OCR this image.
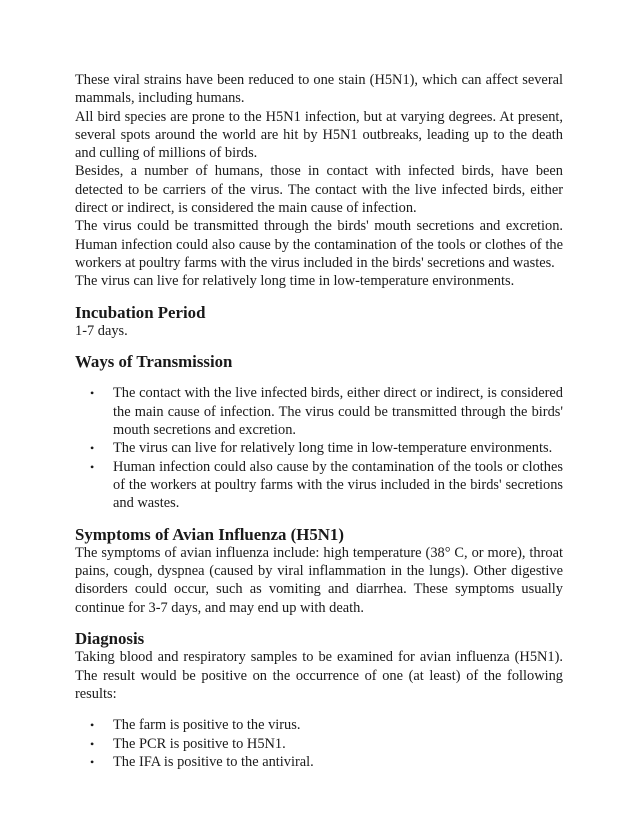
These viral strains have been reduced to one stain (H5N1), which can affect several mammals, including humans.

All bird species are prone to the H5N1 infection, but at varying degrees. At present, several spots around the world are hit by H5N1 outbreaks, leading up to the death and culling of millions of birds.

Besides, a number of humans, those in contact with infected birds, have been detected to be carriers of the virus. The contact with the live infected birds, either direct or indirect, is considered the main cause of infection.

The virus could be transmitted through the birds' mouth secretions and excretion. Human infection could also cause by the contamination of the tools or clothes of the workers at poultry farms with the virus included in the birds' secretions and wastes.

The virus can live for relatively long time in low-temperature environments.

Incubation Period

1-7 days.

Ways of Transmission
• The contact with the live infected birds, either direct or indirect, is considered the main cause of infection. The virus could be transmitted through the birds' mouth secretions and excretion.
• The virus can live for relatively long time in low-temperature environments.
• Human infection could also cause by the contamination of the tools or clothes of the workers at poultry farms with the virus included in the birds' secretions and wastes.
Symptoms of Avian Influenza (H5N1)

The symptoms of avian influenza include: high temperature (38° C, or more), throat pains, cough, dyspnea (caused by viral inflammation in the lungs). Other digestive disorders could occur, such as vomiting and diarrhea. These symptoms usually continue for 3-7 days, and may end up with death.

Diagnosis

Taking blood and respiratory samples to be examined for avian influenza (H5N1). The result would be positive on the occurrence of one (at least) of the following results:

• The farm is positive to the virus.
• The PCR is positive to H5N1.
• The IFA is positive to the antiviral.
